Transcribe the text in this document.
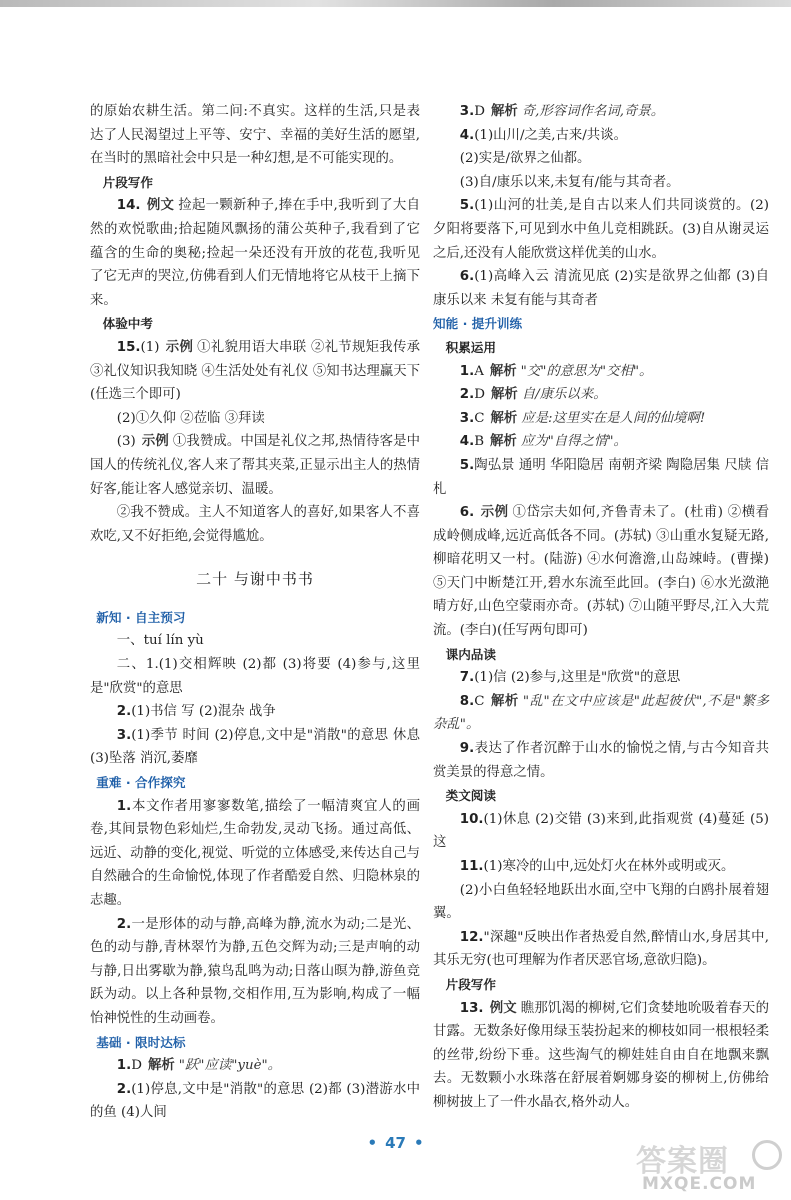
的原始农耕生活。第二问:不真实。这样的生活,只是表达了人民渴望过上平等、安宁、幸福的美好生活的愿望,在当时的黑暗社会中只是一种幻想,是不可能实现的。

片段写作

14. 例文 捡起一颗新种子,捧在手中,我听到了大自然的欢悦歌曲;拾起随风飘扬的蒲公英种子,我看到了它蕴含的生命的奥秘;捡起一朵还没有开放的花苞,我听见了它无声的哭泣,仿佛看到人们无情地将它从枝干上摘下来。

体验中考

15.(1) 示例 ①礼貌用语大串联 ②礼节规矩我传承 ③礼仪知识我知晓 ④生活处处有礼仪 ⑤知书达理赢天下(任选三个即可)

(2)①久仰 ②莅临 ③拜读

(3) 示例 ①我赞成。中国是礼仪之邦,热情待客是中国人的传统礼仪,客人来了帮其夹菜,正显示出主人的热情好客,能让客人感觉亲切、温暖。

②我不赞成。主人不知道客人的喜好,如果客人不喜欢吃,又不好拒绝,会觉得尴尬。

二十 与谢中书书

新知 · 自主预习

一、tuí lín yù

二、1.(1)交相辉映 (2)都 (3)将要 (4)参与,这里是"欣赏"的意思

2.(1)书信 写 (2)混杂 战争

3.(1)季节 时间 (2)停息,文中是"消散"的意思 休息 (3)坠落 消沉,萎靡

重难 · 合作探究

1.本文作者用寥寥数笔,描绘了一幅清爽宜人的画卷,其间景物色彩灿烂,生命勃发,灵动飞扬。通过高低、远近、动静的变化,视觉、听觉的立体感受,来传达自己与自然融合的生命愉悦,体现了作者酷爱自然、归隐林泉的志趣。

2.一是形体的动与静,高峰为静,流水为动;二是光、色的动与静,青林翠竹为静,五色交辉为动;三是声响的动与静,日出雾歇为静,猿鸟乱鸣为动;日落山暝为静,游鱼竞跃为动。以上各种景物,交相作用,互为影响,构成了一幅怡神悦性的生动画卷。

基础 · 限时达标

1.D 解析 "跃"应读"yuè"。

2.(1)停息,文中是"消散"的意思 (2)都 (3)潜游水中的鱼 (4)人间

3.D 解析 奇,形容词作名词,奇景。

4.(1)山川/之美,古来/共谈。

(2)实是/欲界之仙都。

(3)自/康乐以来,未复有/能与其奇者。

5.(1)山河的壮美,是自古以来人们共同谈赏的。(2)夕阳将要落下,可见到水中鱼儿竞相跳跃。(3)自从谢灵运之后,还没有人能欣赏这样优美的山水。

6.(1)高峰入云 清流见底 (2)实是欲界之仙都 (3)自康乐以来 未复有能与其奇者

知能 · 提升训练

积累运用

1.A 解析 "交"的意思为"交相"。

2.D 解析 自/康乐以来。

3.C 解析 应是:这里实在是人间的仙境啊!

4.B 解析 应为"自得之情"。

5.陶弘景 通明 华阳隐居 南朝齐梁 陶隐居集 尺牍 信札

6. 示例 ①岱宗夫如何,齐鲁青未了。(杜甫) ②横看成岭侧成峰,远近高低各不同。(苏轼) ③山重水复疑无路,柳暗花明又一村。(陆游) ④水何澹澹,山岛竦峙。(曹操) ⑤天门中断楚江开,碧水东流至此回。(李白) ⑥水光潋滟晴方好,山色空蒙雨亦奇。(苏轼) ⑦山随平野尽,江入大荒流。(李白)(任写两句即可)

课内品读

7.(1)信 (2)参与,这里是"欣赏"的意思

8.C 解析 "乱"在文中应该是"此起彼伏",不是"繁多杂乱"。

9.表达了作者沉醉于山水的愉悦之情,与古今知音共赏美景的得意之情。

类文阅读

10.(1)休息 (2)交错 (3)来到,此指观赏 (4)蔓延 (5)这

11.(1)寒冷的山中,远处灯火在林外或明或灭。

(2)小白鱼轻轻地跃出水面,空中飞翔的白鸥扑展着翅翼。

12."深趣"反映出作者热爱自然,醉情山水,身居其中,其乐无穷(也可理解为作者厌恶官场,意欲归隐)。

片段写作

13. 例文 瞧那饥渴的柳树,它们贪婪地吮吸着春天的甘露。无数条好像用绿玉装扮起来的柳枝如同一根根轻柔的丝带,纷纷下垂。这些淘气的柳娃娃自由自在地飘来飘去。无数颗小水珠落在舒展着婀娜身姿的柳树上,仿佛给柳树披上了一件水晶衣,格外动人。

• 47 •
答案圈
MXQE.COM
